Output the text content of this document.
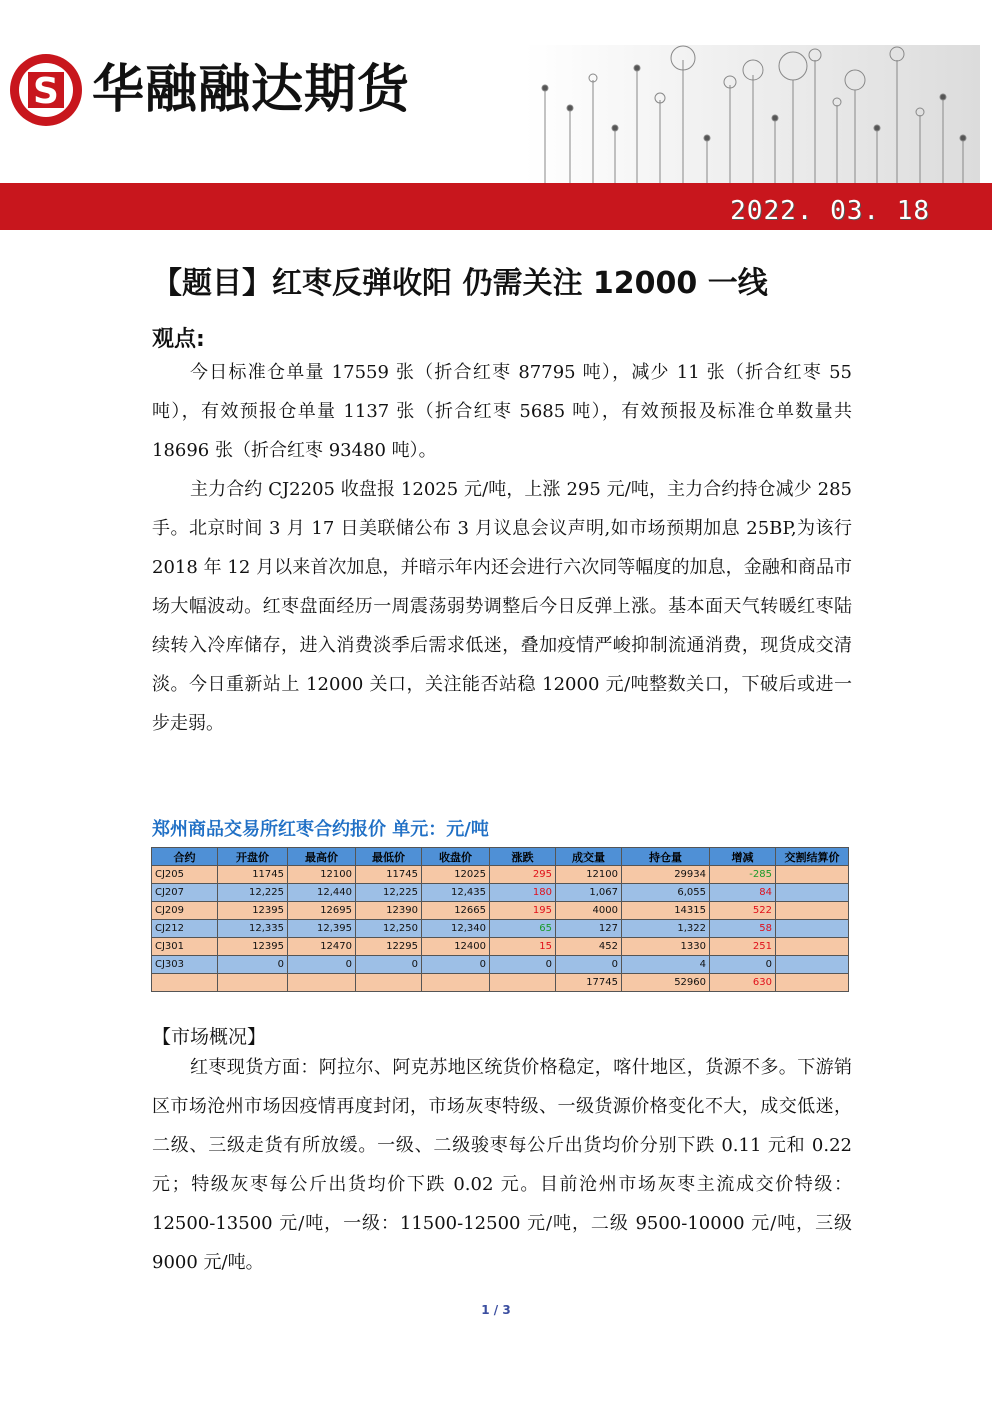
S 华融融达期货
2022. 03. 18
【题目】红枣反弹收阳 仍需关注 12000 一线
观点:

今日标准仓单量 17559 张（折合红枣 87795 吨），减少 11 张（折合红枣 55 吨），有效预报仓单量 1137 张（折合红枣 5685 吨），有效预报及标准仓单数量共 18696 张（折合红枣 93480 吨）。

主力合约 CJ2205 收盘报 12025 元/吨，上涨 295 元/吨，主力合约持仓减少 285 手。北京时间 3 月 17 日美联储公布 3 月议息会议声明,如市场预期加息 25BP,为该行 2018 年 12 月以来首次加息，并暗示年内还会进行六次同等幅度的加息，金融和商品市场大幅波动。红枣盘面经历一周震荡弱势调整后今日反弹上涨。基本面天气转暖红枣陆续转入冷库储存，进入消费淡季后需求低迷，叠加疫情严峻抑制流通消费，现货成交清淡。今日重新站上 12000 关口，关注能否站稳 12000 元/吨整数关口，下破后或进一步走弱。

郑州商品交易所红枣合约报价 单元：元/吨
合约	开盘价	最高价	最低价	收盘价	涨跌	成交量	持仓量	增减	交割结算价
CJ205	11745	12100	11745	12025	295	12100	29934	-285	
CJ207	12,225	12,440	12,225	12,435	180	1,067	6,055	84	
CJ209	12395	12695	12390	12665	195	4000	14315	522	
CJ212	12,335	12,395	12,250	12,340	65	127	1,322	58	
CJ301	12395	12470	12295	12400	15	452	1330	251	
CJ303	0	0	0	0	0	0	4	0	
						17745	52960	630	
【市场概况】

红枣现货方面：阿拉尔、阿克苏地区统货价格稳定，喀什地区，货源不多。下游销区市场沧州市场因疫情再度封闭，市场灰枣特级、一级货源价格变化不大，成交低迷，二级、三级走货有所放缓。一级、二级骏枣每公斤出货均价分别下跌 0.11 元和 0.22 元；特级灰枣每公斤出货均价下跌 0.02 元。目前沧州市场灰枣主流成交价特级：12500-13500 元/吨，一级：11500-12500 元/吨，二级 9500-10000 元/吨，三级 9000 元/吨。

1 / 3
